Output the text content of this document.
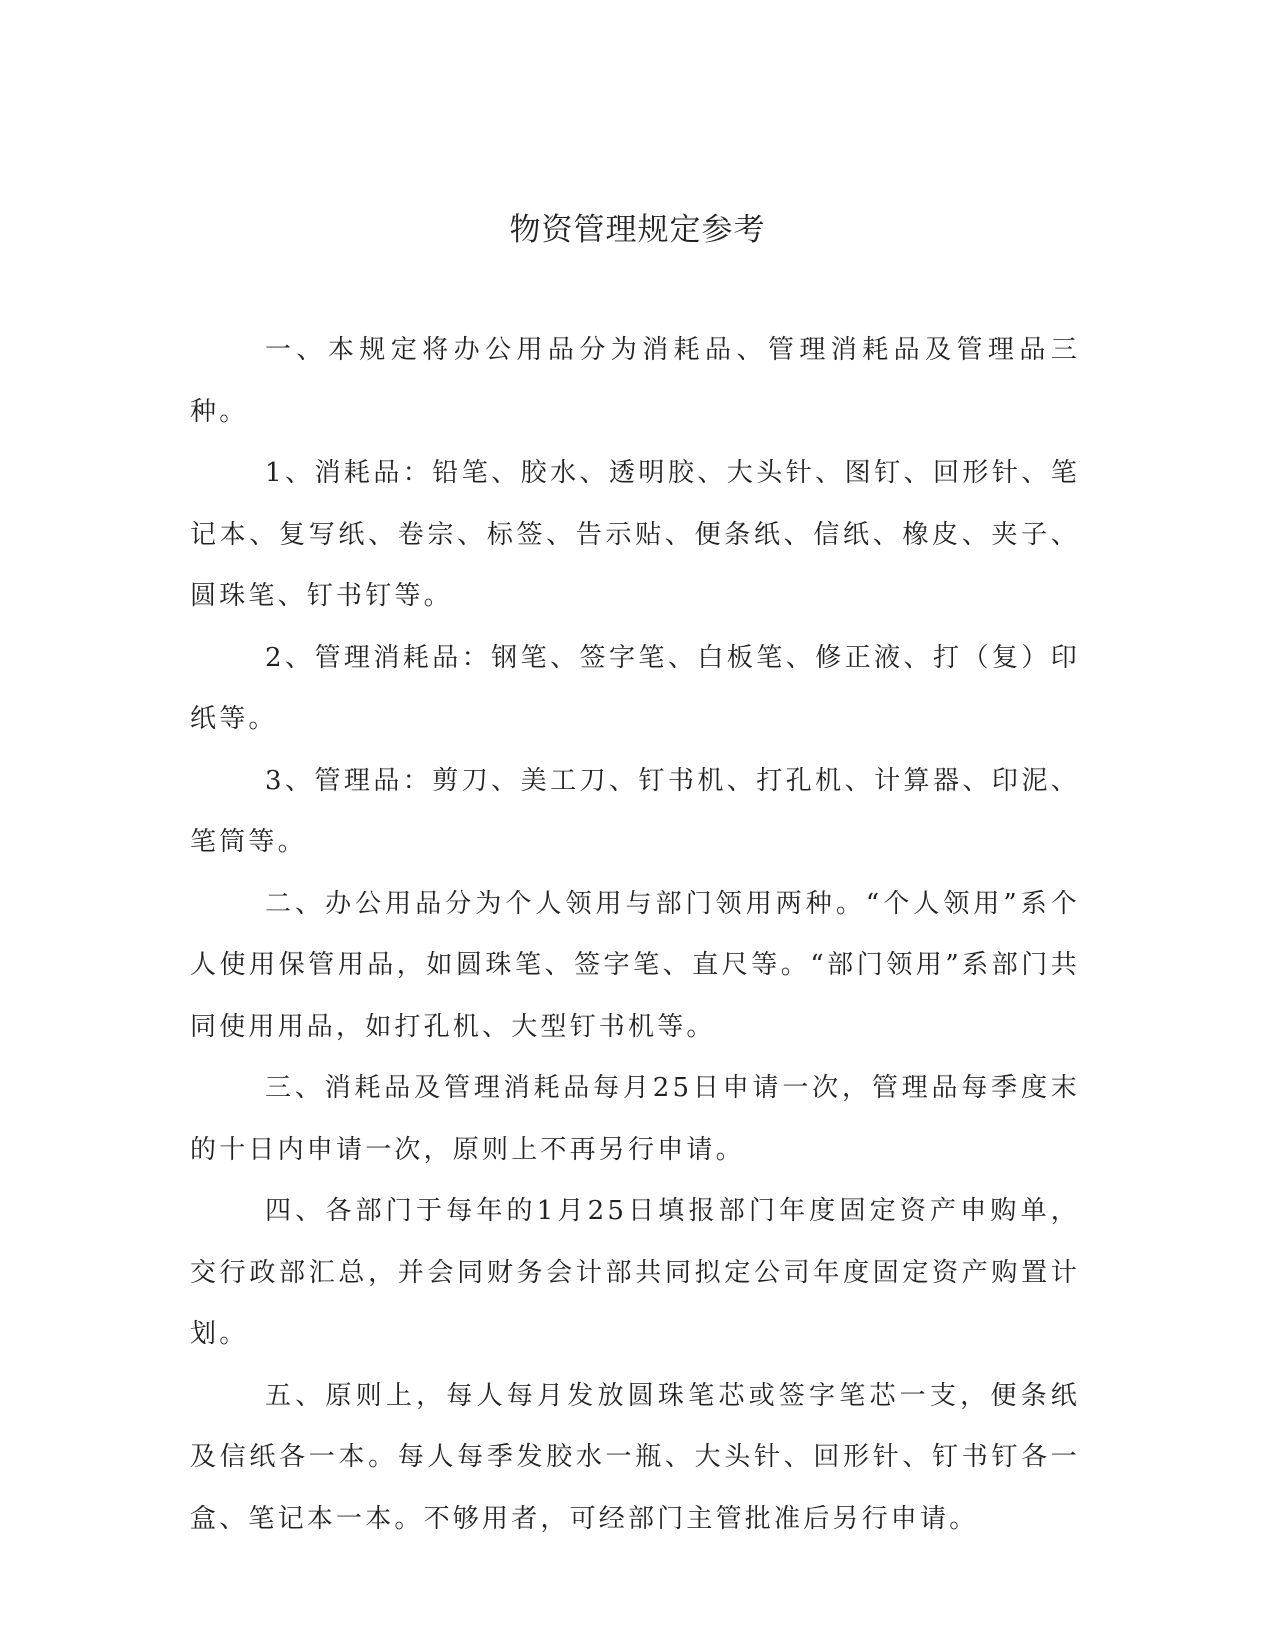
物资管理规定参考

一、本规定将办公用品分为消耗品、管理消耗品及管理品三种。

1、消耗品：铅笔、胶水、透明胶、大头针、图钉、回形针、笔记本、复写纸、卷宗、标签、告示贴、便条纸、信纸、橡皮、夹子、圆珠笔、钉书钉等。

2、管理消耗品：钢笔、签字笔、白板笔、修正液、打（复）印纸等。

3、管理品：剪刀、美工刀、钉书机、打孔机、计算器、印泥、笔筒等。

二、办公用品分为个人领用与部门领用两种。“个人领用”系个人使用保管用品，如圆珠笔、签字笔、直尺等。“部门领用”系部门共同使用用品，如打孔机、大型钉书机等。

三、消耗品及管理消耗品每月25日申请一次，管理品每季度末的十日内申请一次，原则上不再另行申请。

四、各部门于每年的1月25日填报部门年度固定资产申购单，交行政部汇总，并会同财务会计部共同拟定公司年度固定资产购置计划。

五、原则上，每人每月发放圆珠笔芯或签字笔芯一支，便条纸及信纸各一本。每人每季发胶水一瓶、大头针、回形针、钉书钉各一盒、笔记本一本。不够用者，可经部门主管批准后另行申请。
